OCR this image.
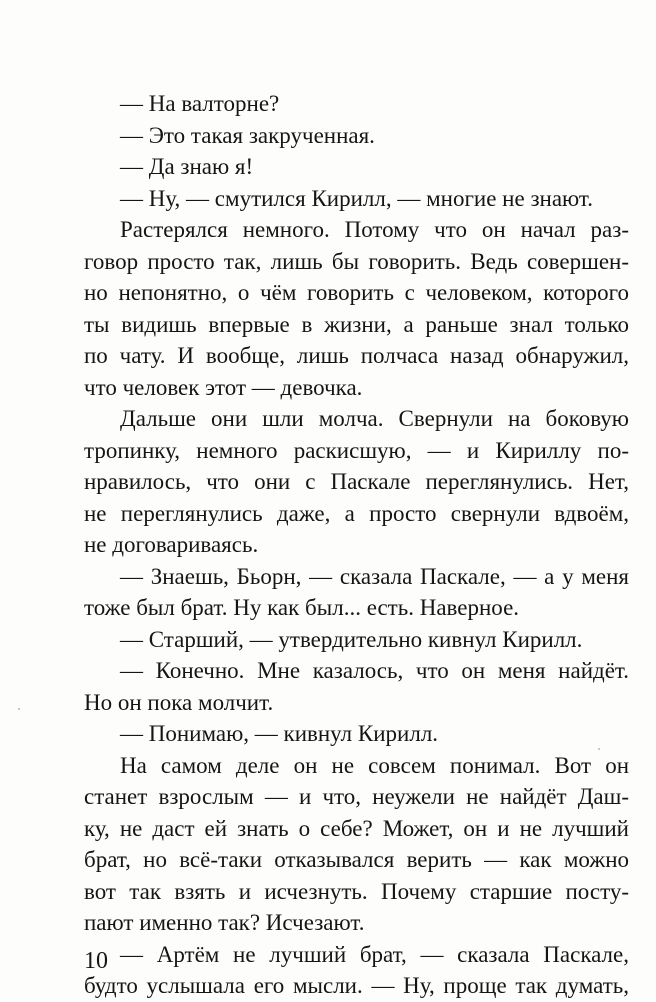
— На валторне?
— Это такая закрученная.
— Да знаю я!
— Ну, — смутился Кирилл, — многие не знают.
Растерялся немного. Потому что он начал раз-
говор просто так, лишь бы говорить. Ведь совершен-
но непонятно, о чём говорить с человеком, которого
ты видишь впервые в жизни, а раньше знал только
по чату. И вообще, лишь полчаса назад обнаружил,
что человек этот — девочка.
Дальше они шли молча. Свернули на боковую
тропинку, немного раскисшую, — и Кириллу по-
нравилось, что они с Паскале переглянулись. Нет,
не переглянулись даже, а просто свернули вдвоём,
не договариваясь.
— Знаешь, Бьорн, — сказала Паскале, — а у меня
тоже был брат. Ну как был... есть. Наверное.
— Старший, — утвердительно кивнул Кирилл.
— Конечно. Мне казалось, что он меня найдёт.
Но он пока молчит.
— Понимаю, — кивнул Кирилл.
На самом деле он не совсем понимал. Вот он
станет взрослым — и что, неужели не найдёт Даш-
ку, не даст ей знать о себе? Может, он и не лучший
брат, но всё-таки отказывался верить — как можно
вот так взять и исчезнуть. Почему старшие посту-
пают именно так? Исчезают.
— Артём не лучший брат, — сказала Паскале,
будто услышала его мысли. — Ну, проще так думать,
10
